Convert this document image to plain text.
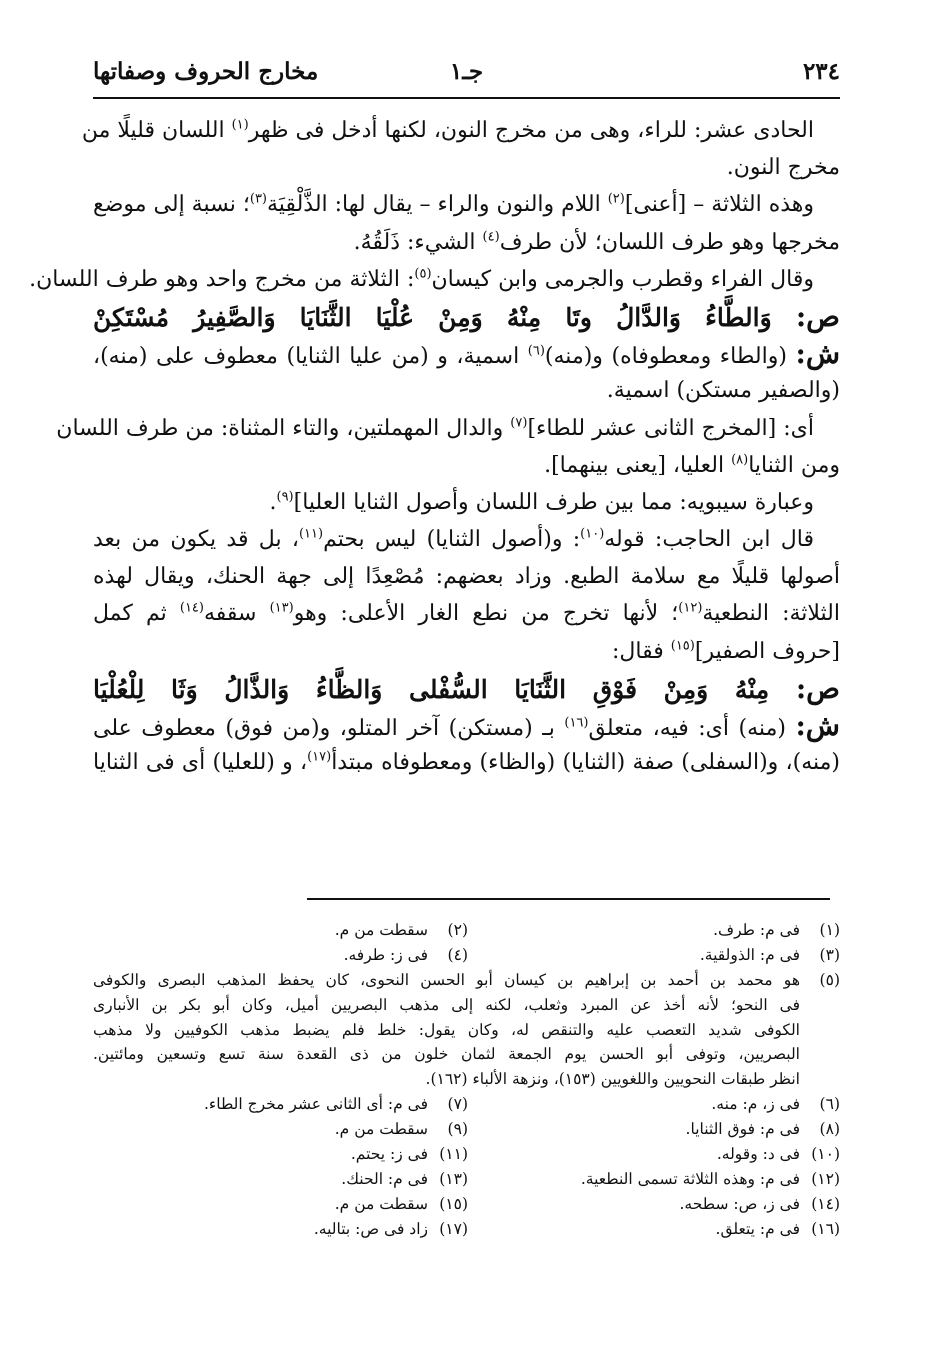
٢٣٤
جـ١
مخارج الحروف وصفاتها
الحادى عشر: للراء، وهى من مخرج النون، لكنها أدخل فى ظهر$^{(١)}$ اللسان قليلًا من
مخرج النون.
وهذه الثلاثة – [أعنى]$^{(٢)}$ اللام والنون والراء – يقال لها: الذَّلْقِيَة$^{(٣)}$؛ نسبة إلى موضع
مخرجها وهو طرف اللسان؛ لأن طرف$^{(٤)}$ الشيء: ذَلَقُهُ.
وقال الفراء وقطرب والجرمى وابن كيسان$^{(٥)}$: الثلاثة من مخرج واحد وهو طرف اللسان.
ص: وَالطَّاءُ وَالدَّالُ وتَا مِنْهُ وَمِنْ عُلْيَا الثَّنَايَا وَالصَّفِيرُ مُسْتَكِنْ
ش: (والطاء ومعطوفاه) و(منه)$^{(٦)}$ اسمية، و (من عليا الثنايا) معطوف على (منه)،
(والصفير مستكن) اسمية.
أى: [المخرج الثانى عشر للطاء]$^{(٧)}$ والدال المهملتين، والتاء المثناة: من طرف اللسان
ومن الثنايا$^{(٨)}$ العليا، [يعنى بينهما].
وعبارة سيبويه: مما بين طرف اللسان وأصول الثنايا العليا]$^{(٩)}$.
قال ابن الحاجب: قوله$^{(١٠)}$: و(أصول الثنايا) ليس بحتم$^{(١١)}$، بل قد يكون من بعد
أصولها قليلًا مع سلامة الطبع. وزاد بعضهم: مُصْعِدًا إلى جهة الحنك، ويقال لهذه
الثلاثة: النطعية$^{(١٢)}$؛ لأنها تخرج من نطع الغار الأعلى: وهو$^{(١٣)}$ سقفه$^{(١٤)}$ ثم كمل
[حروف الصفير]$^{(١٥)}$ فقال:
ص: مِنْهُ وَمِنْ فَوْقِ الثَّنَايَا السُّفْلى وَالظَّاءُ وَالذَّالُ وَثَا لِلْعُلْيَا
ش: (منه) أى: فيه، متعلق$^{(١٦)}$ بـ (مستكن) آخر المتلو، و(من فوق) معطوف على
(منه)، و(السفلى) صفة (الثنايا) (والظاء) ومعطوفاه مبتدأ$^{(١٧)}$، و (للعليا) أى فى الثنايا
(١)فى م: طرف.
(٢)سقطت من م.
(٣)فى م: الذولقية.
(٤)فى ز: طرفه.
(٥)
هو محمد بن أحمد بن إبراهيم بن كيسان أبو الحسن النحوى، كان يحفظ المذهب البصرى والكوفى
فى النحو؛ لأنه أخذ عن المبرد وثعلب، لكنه إلى مذهب البصريين أميل، وكان أبو بكر بن الأنبارى
الكوفى شديد التعصب عليه والتنقص له، وكان يقول: خلط فلم يضبط مذهب الكوفيين ولا مذهب
البصريين، وتوفى أبو الحسن يوم الجمعة لثمان خلون من ذى القعدة سنة تسع وتسعين ومائتين.
انظر طبقات النحويين واللغويين (١٥٣)، ونزهة الألباء (١٦٢).
(٦)فى ز، م: منه.
(٧)فى م: أى الثانى عشر مخرج الطاء.
(٨)فى م: فوق الثنايا.
(٩)سقطت من م.
(١٠)فى د: وقوله.
(١١)فى ز: يحتم.
(١٢)فى م: وهذه الثلاثة تسمى النطعية.
(١٣)فى م: الحنك.
(١٤)فى ز، ص: سطحه.
(١٥)سقطت من م.
(١٦)فى م: يتعلق.
(١٧)زاد فى ص: بتاليه.
